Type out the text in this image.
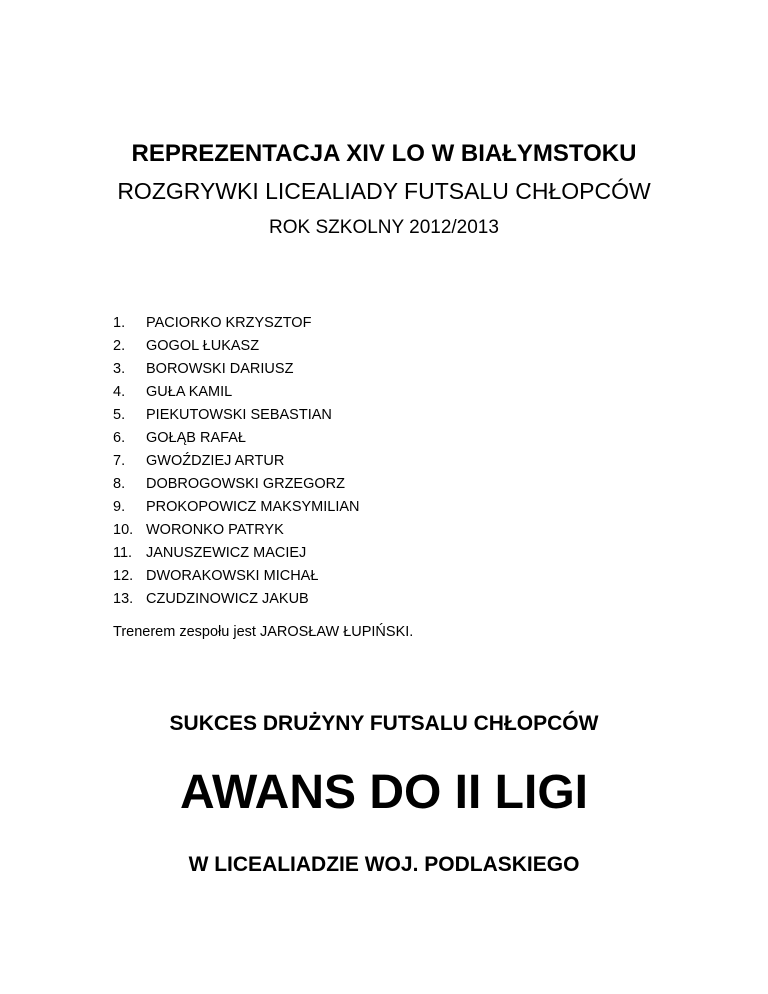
REPREZENTACJA XIV LO W BIAŁYMSTOKU
ROZGRYWKI LICEALIADY FUTSALU CHŁOPCÓW
ROK SZKOLNY 2012/2013
1.	PACIORKO KRZYSZTOF
2.	GOGOL ŁUKASZ
3.	BOROWSKI DARIUSZ
4.	GUŁA KAMIL
5.	PIEKUTOWSKI SEBASTIAN
6.	GOŁĄB RAFAŁ
7.	GWOŹDZIEJ ARTUR
8.	DOBROGOWSKI GRZEGORZ
9.	PROKOPOWICZ MAKSYMILIAN
10. WORONKO PATRYK
11. JANUSZEWICZ MACIEJ
12. DWORAKOWSKI MICHAŁ
13. CZUDZINOWICZ JAKUB
Trenerem zespołu jest JAROSŁAW ŁUPIŃSKI.
SUKCES DRUŻYNY FUTSALU CHŁOPCÓW
AWANS DO II LIGI
W LICEALIADZIE WOJ. PODLASKIEGO
